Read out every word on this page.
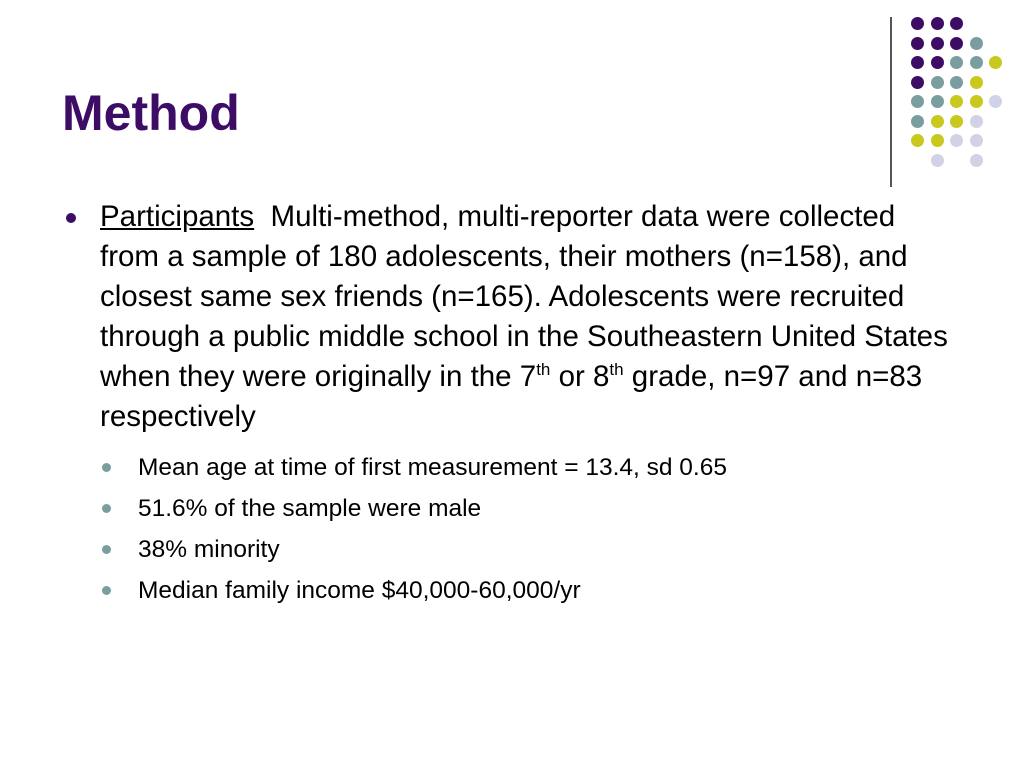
Method
Participants Multi-method, multi-reporter data were collected from a sample of 180 adolescents, their mothers (n=158), and closest same sex friends (n=165). Adolescents were recruited through a public middle school in the Southeastern United States when they were originally in the 7th or 8th grade, n=97 and n=83 respectively
Mean age at time of first measurement = 13.4, sd 0.65
51.6% of the sample were male
38% minority
Median family income $40,000-60,000/yr
